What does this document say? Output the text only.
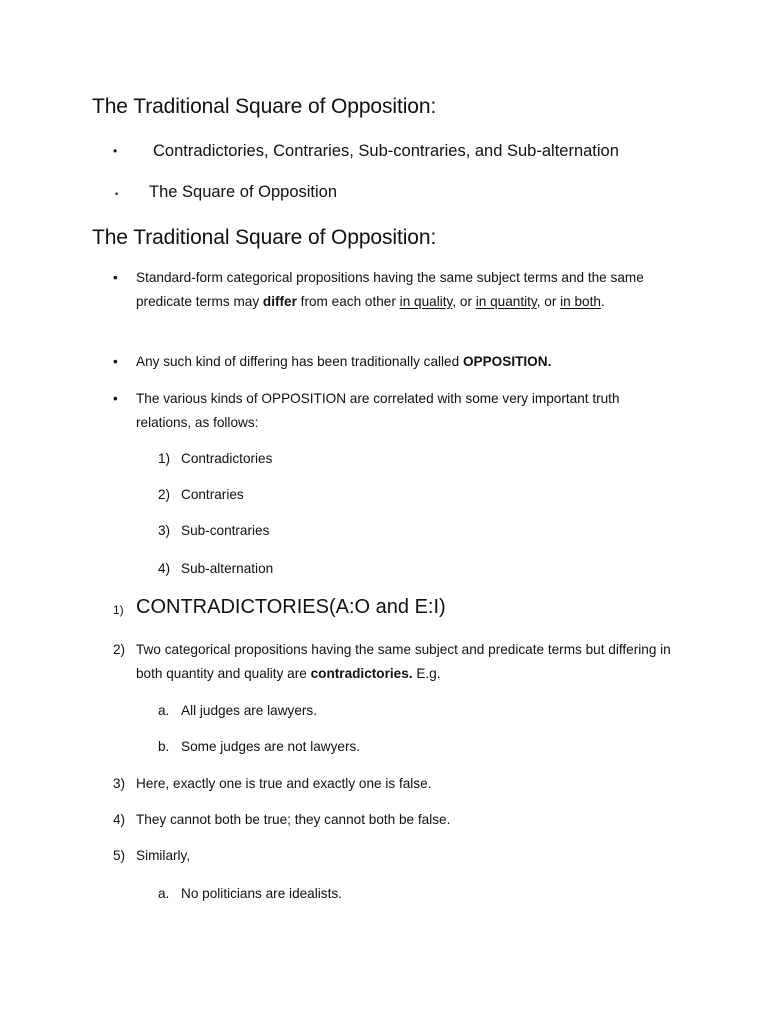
The Traditional Square of Opposition:
• Contradictories, Contraries, Sub-contraries, and Sub-alternation
• The Square of Opposition
The Traditional Square of Opposition:
• Standard-form categorical propositions having the same subject terms and the same predicate terms may differ from each other in quality, or in quantity, or in both.
• Any such kind of differing has been traditionally called OPPOSITION.
• The various kinds of OPPOSITION are correlated with some very important truth relations, as follows:
1) Contradictories
2) Contraries
3) Sub-contraries
4) Sub-alternation
1) CONTRADICTORIES(A:O and E:I)
2) Two categorical propositions having the same subject and predicate terms but differing in both quantity and quality are contradictories. E.g.
a. All judges are lawyers.
b. Some judges are not lawyers.
3) Here, exactly one is true and exactly one is false.
4) They cannot both be true; they cannot both be false.
5) Similarly,
a. No politicians are idealists.
